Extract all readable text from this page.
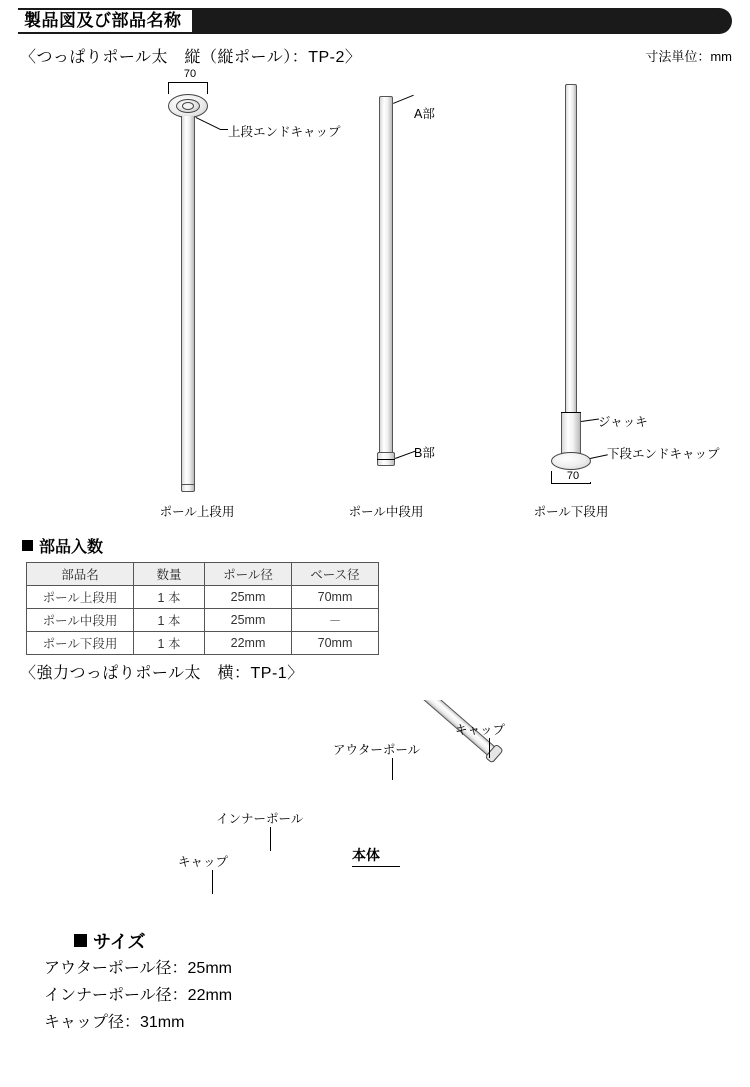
製品図及び部品名称
〈つっぱりポール太　縦（縦ポール）：TP-2〉	寸法単位：mm
70
上段エンドキャップ
ポール上段用
A部
B部
ポール中段用
ジャッキ
下段エンドキャップ
70
ポール下段用
部品入数
部品名	数量	ポール径	ベース径
ポール上段用	1 本	25mm	70mm
ポール中段用	1 本	25mm	－
ポール下段用	1 本	22mm	70mm
〈強力つっぱりポール太　横：TP-1〉
キャップ
アウターポール
インナーポール
本体
キャップ
サイズ
アウターポール径：25mm
インナーポール径：22mm
キャップ径：31mm
